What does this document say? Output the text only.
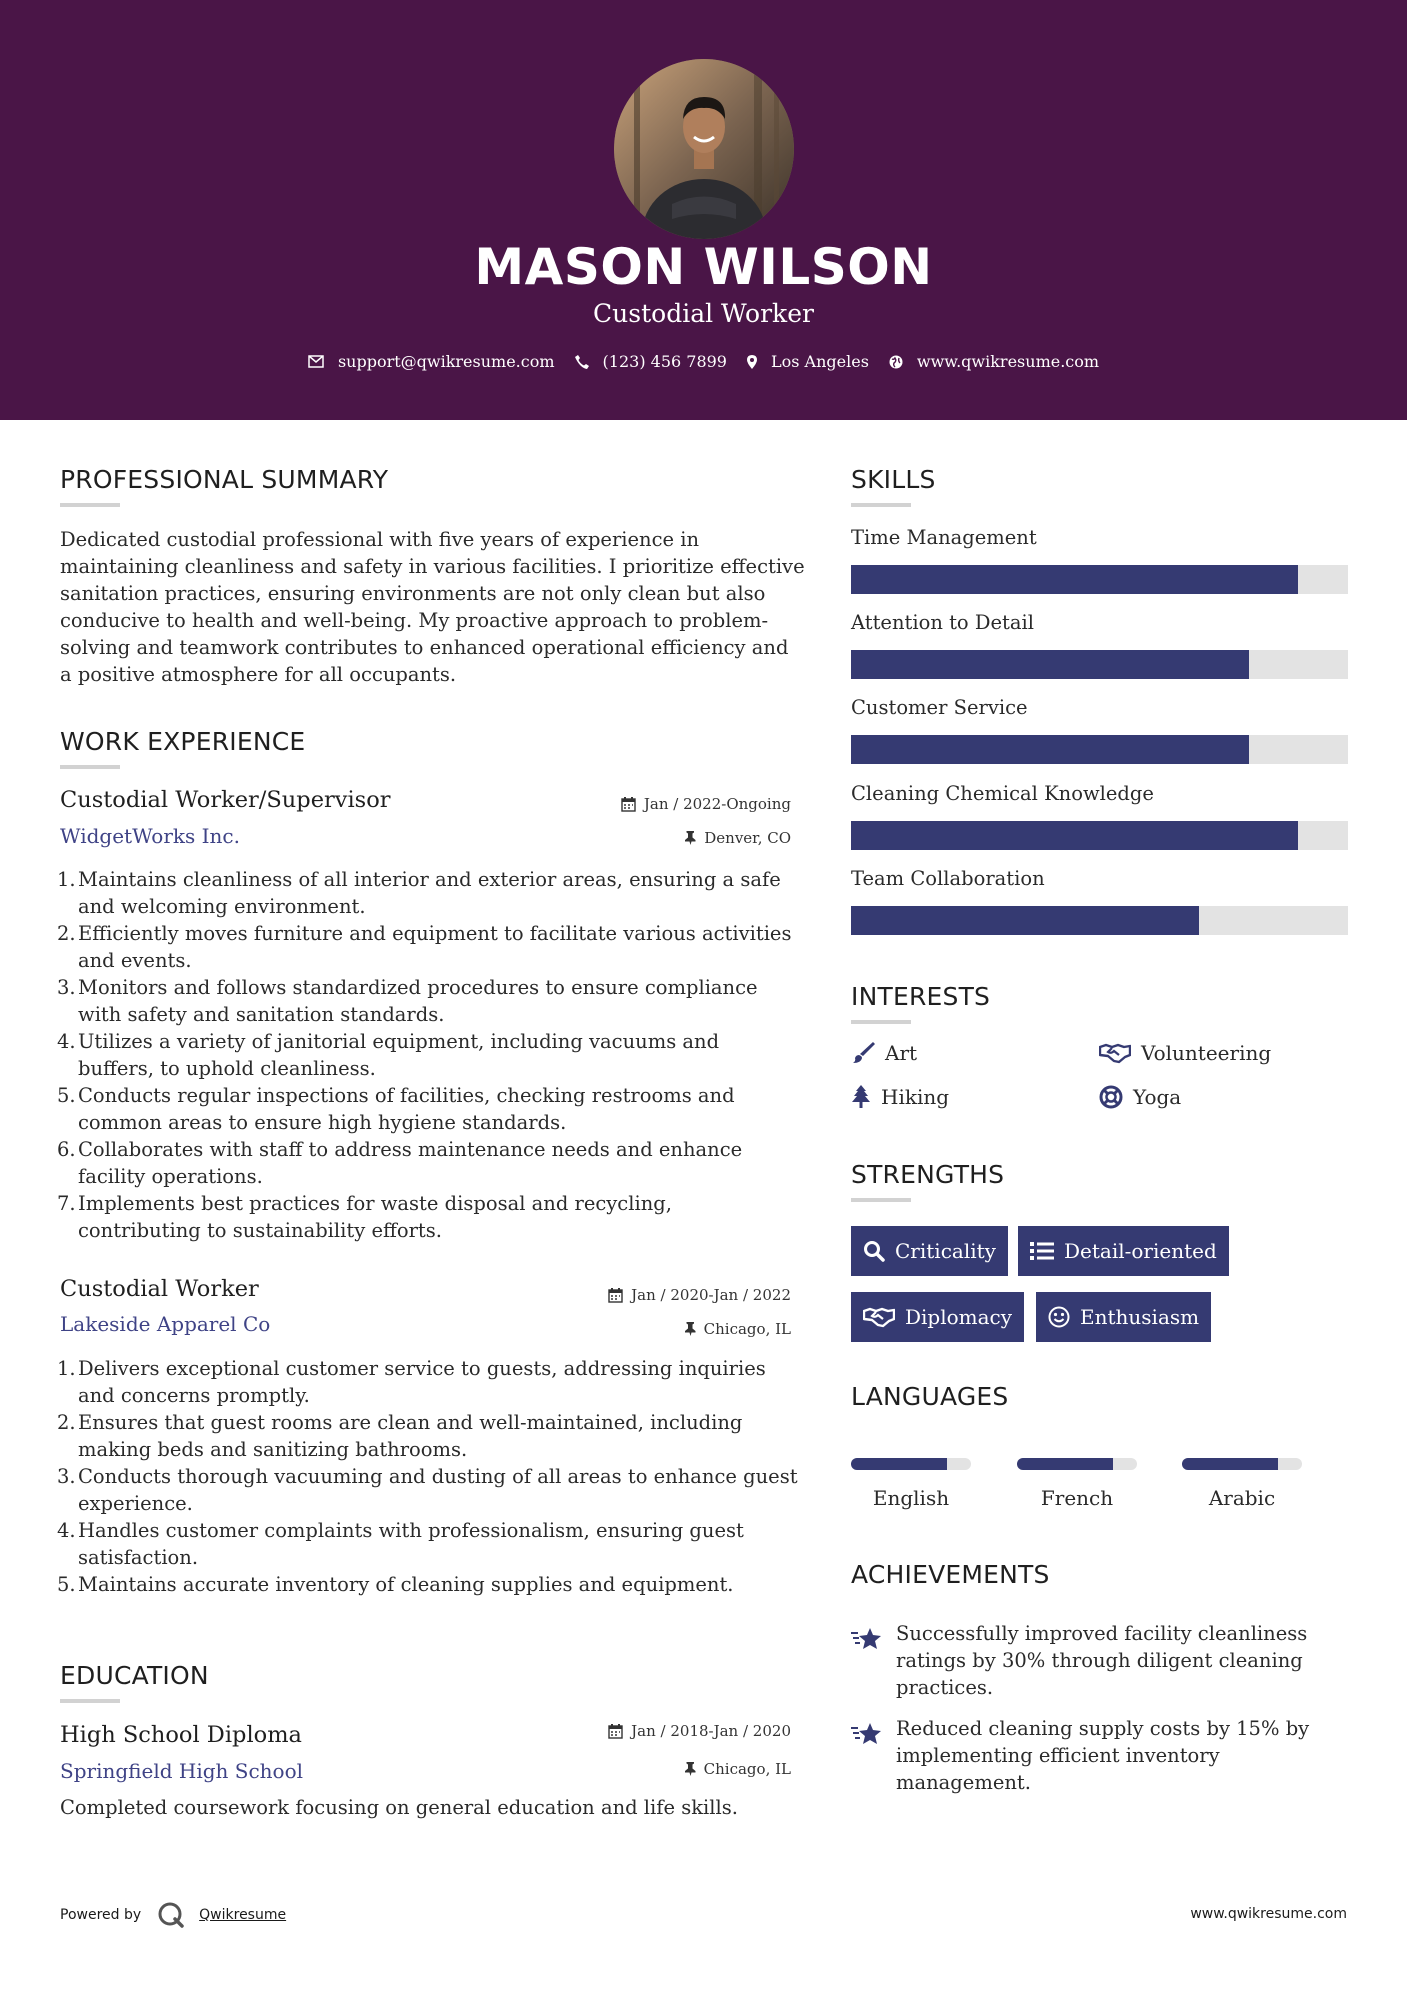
MASON WILSON
Custodial Worker
support@qwikresume.com	(123) 456 7899	Los Angeles	www.qwikresume.com
PROFESSIONAL SUMMARY
Dedicated custodial professional with five years of experience in maintaining cleanliness and safety in various facilities. I prioritize effective sanitation practices, ensuring environments are not only clean but also conducive to health and well-being. My proactive approach to problem-solving and teamwork contributes to enhanced operational efficiency and a positive atmosphere for all occupants.
WORK EXPERIENCE
Custodial Worker/Supervisor	Jan / 2022-Ongoing
WidgetWorks Inc.	Denver, CO
1. Maintains cleanliness of all interior and exterior areas, ensuring a safe and welcoming environment.
2. Efficiently moves furniture and equipment to facilitate various activities and events.
3. Monitors and follows standardized procedures to ensure compliance with safety and sanitation standards.
4. Utilizes a variety of janitorial equipment, including vacuums and buffers, to uphold cleanliness.
5. Conducts regular inspections of facilities, checking restrooms and common areas to ensure high hygiene standards.
6. Collaborates with staff to address maintenance needs and enhance facility operations.
7. Implements best practices for waste disposal and recycling, contributing to sustainability efforts.
Custodial Worker	Jan / 2020-Jan / 2022
Lakeside Apparel Co	Chicago, IL
1. Delivers exceptional customer service to guests, addressing inquiries and concerns promptly.
2. Ensures that guest rooms are clean and well-maintained, including making beds and sanitizing bathrooms.
3. Conducts thorough vacuuming and dusting of all areas to enhance guest experience.
4. Handles customer complaints with professionalism, ensuring guest satisfaction.
5. Maintains accurate inventory of cleaning supplies and equipment.
EDUCATION
High School Diploma	Jan / 2018-Jan / 2020
Springfield High School	Chicago, IL
Completed coursework focusing on general education and life skills.
SKILLS
Time Management
Attention to Detail
Customer Service
Cleaning Chemical Knowledge
Team Collaboration
INTERESTS
Art	Volunteering
Hiking	Yoga
STRENGTHS
Criticality	Detail-oriented
Diplomacy	Enthusiasm
LANGUAGES
English	French	Arabic
ACHIEVEMENTS
Successfully improved facility cleanliness ratings by 30% through diligent cleaning practices.
Reduced cleaning supply costs by 15% by implementing efficient inventory management.
Powered by	Qwikresume	www.qwikresume.com
